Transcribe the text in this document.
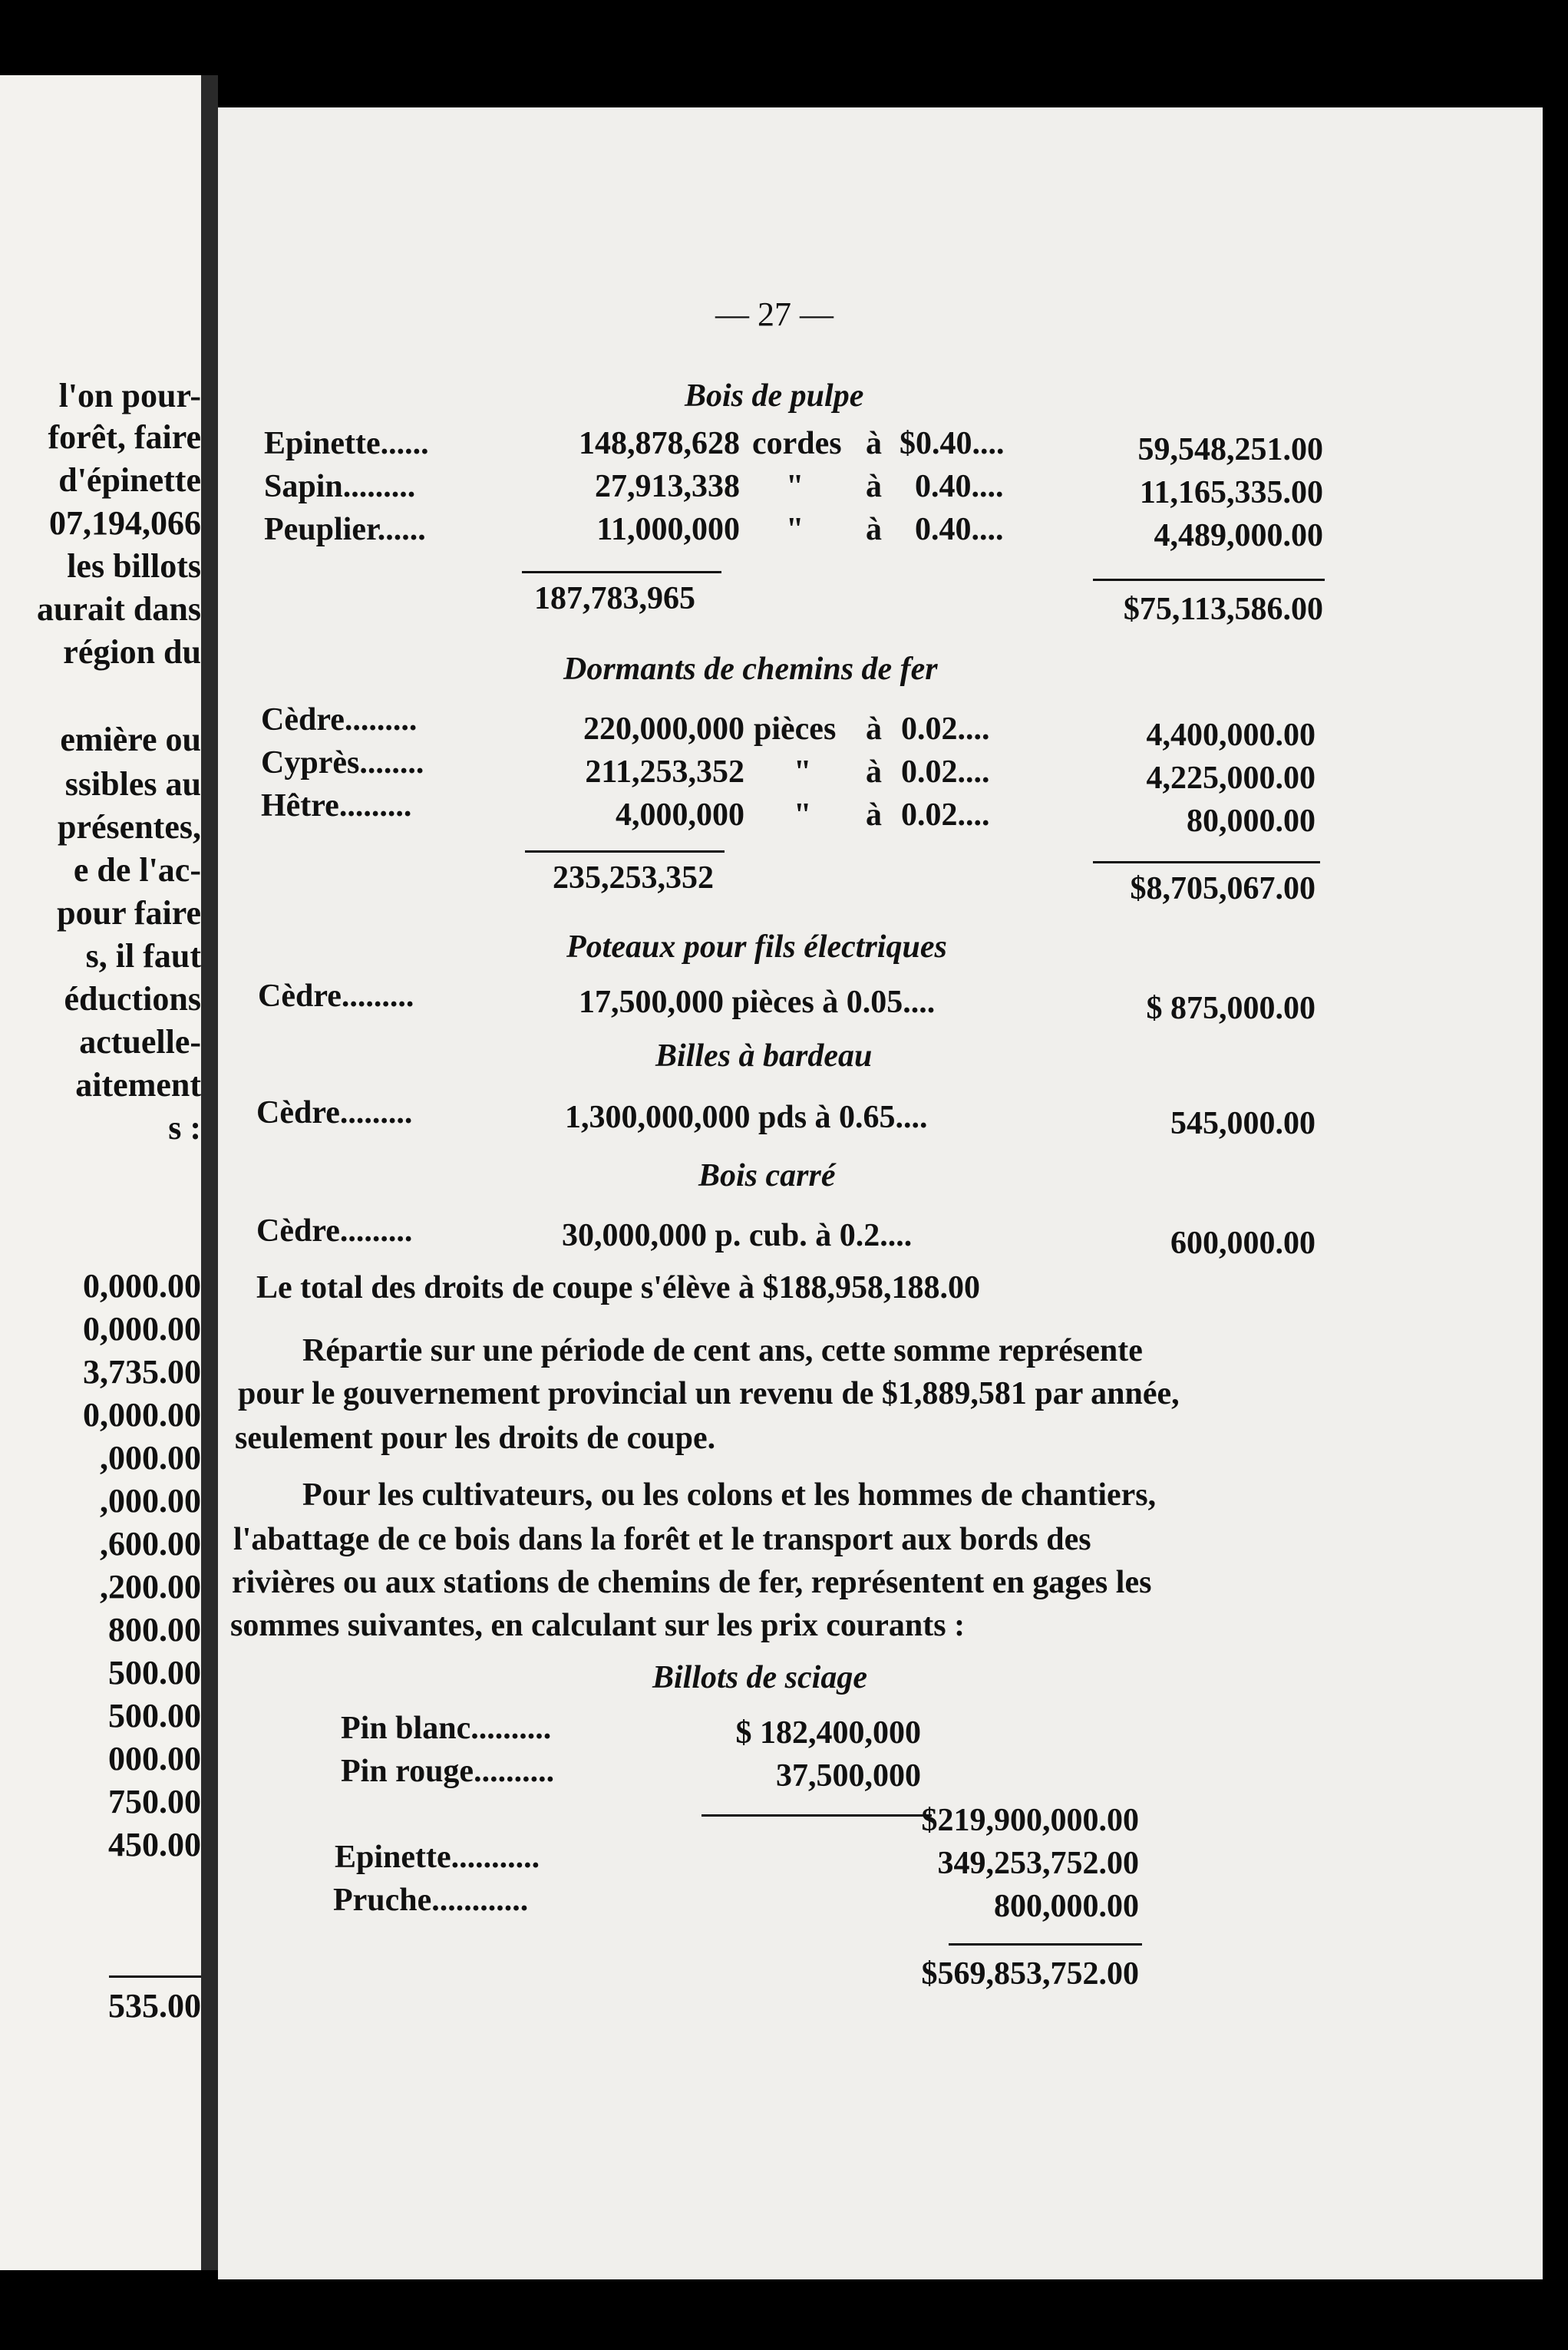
l'on pour-
forêt, faire
d'épinette
07,194,066
les billots
aurait dans
région du
emière ou
ssibles au
présentes,
e de l'ac-
pour faire
s, il faut
éductions
actuelle-
aitement
s :
0,000.00
0,000.00
3,735.00
0,000.00
,000.00
,000.00
,600.00
,200.00
800.00
500.00
500.00
000.00
750.00
450.00
535.00
— 27 —
Bois de pulpe
Epinette......	148,878,628 cordes à $0.40....	59,548,251.00
Sapin.........	27,913,338 " à 0.40....	11,165,335.00
Peuplier......	11,000,000 " à 0.40....	4,489,000.00
187,783,965	$75,113,586.00
Dormants de chemins de fer
Cèdre.........	220,000,000 pièces à 0.02....	4,400,000.00
Cyprès........	211,253,352 " à 0.02....	4,225,000.00
Hêtre.........	4,000,000 " à 0.02....	80,000.00
235,253,352	$8,705,067.00
Poteaux pour fils électriques
Cèdre.........	17,500,000 pièces à 0.05....	$ 875,000.00
Billes à bardeau
Cèdre.........	1,300,000,000 pds à 0.65....	545,000.00
Bois carré
Cèdre.........	30,000,000 p. cub. à 0.2....	600,000.00
Le total des droits de coupe s'élève à $188,958,188.00
Répartie sur une période de cent ans, cette somme représente
pour le gouvernement provincial un revenu de $1,889,581 par année,
seulement pour les droits de coupe.
Pour les cultivateurs, ou les colons et les hommes de chantiers,
l'abattage de ce bois dans la forêt et le transport aux bords des
rivières ou aux stations de chemins de fer, représentent en gages les
sommes suivantes, en calculant sur les prix courants :
Billots de sciage
Pin blanc..........	$ 182,400,000
Pin rouge..........	37,500,000
$219,900,000.00
Epinette...........	349,253,752.00
Pruche............	800,000.00
$569,853,752.00
